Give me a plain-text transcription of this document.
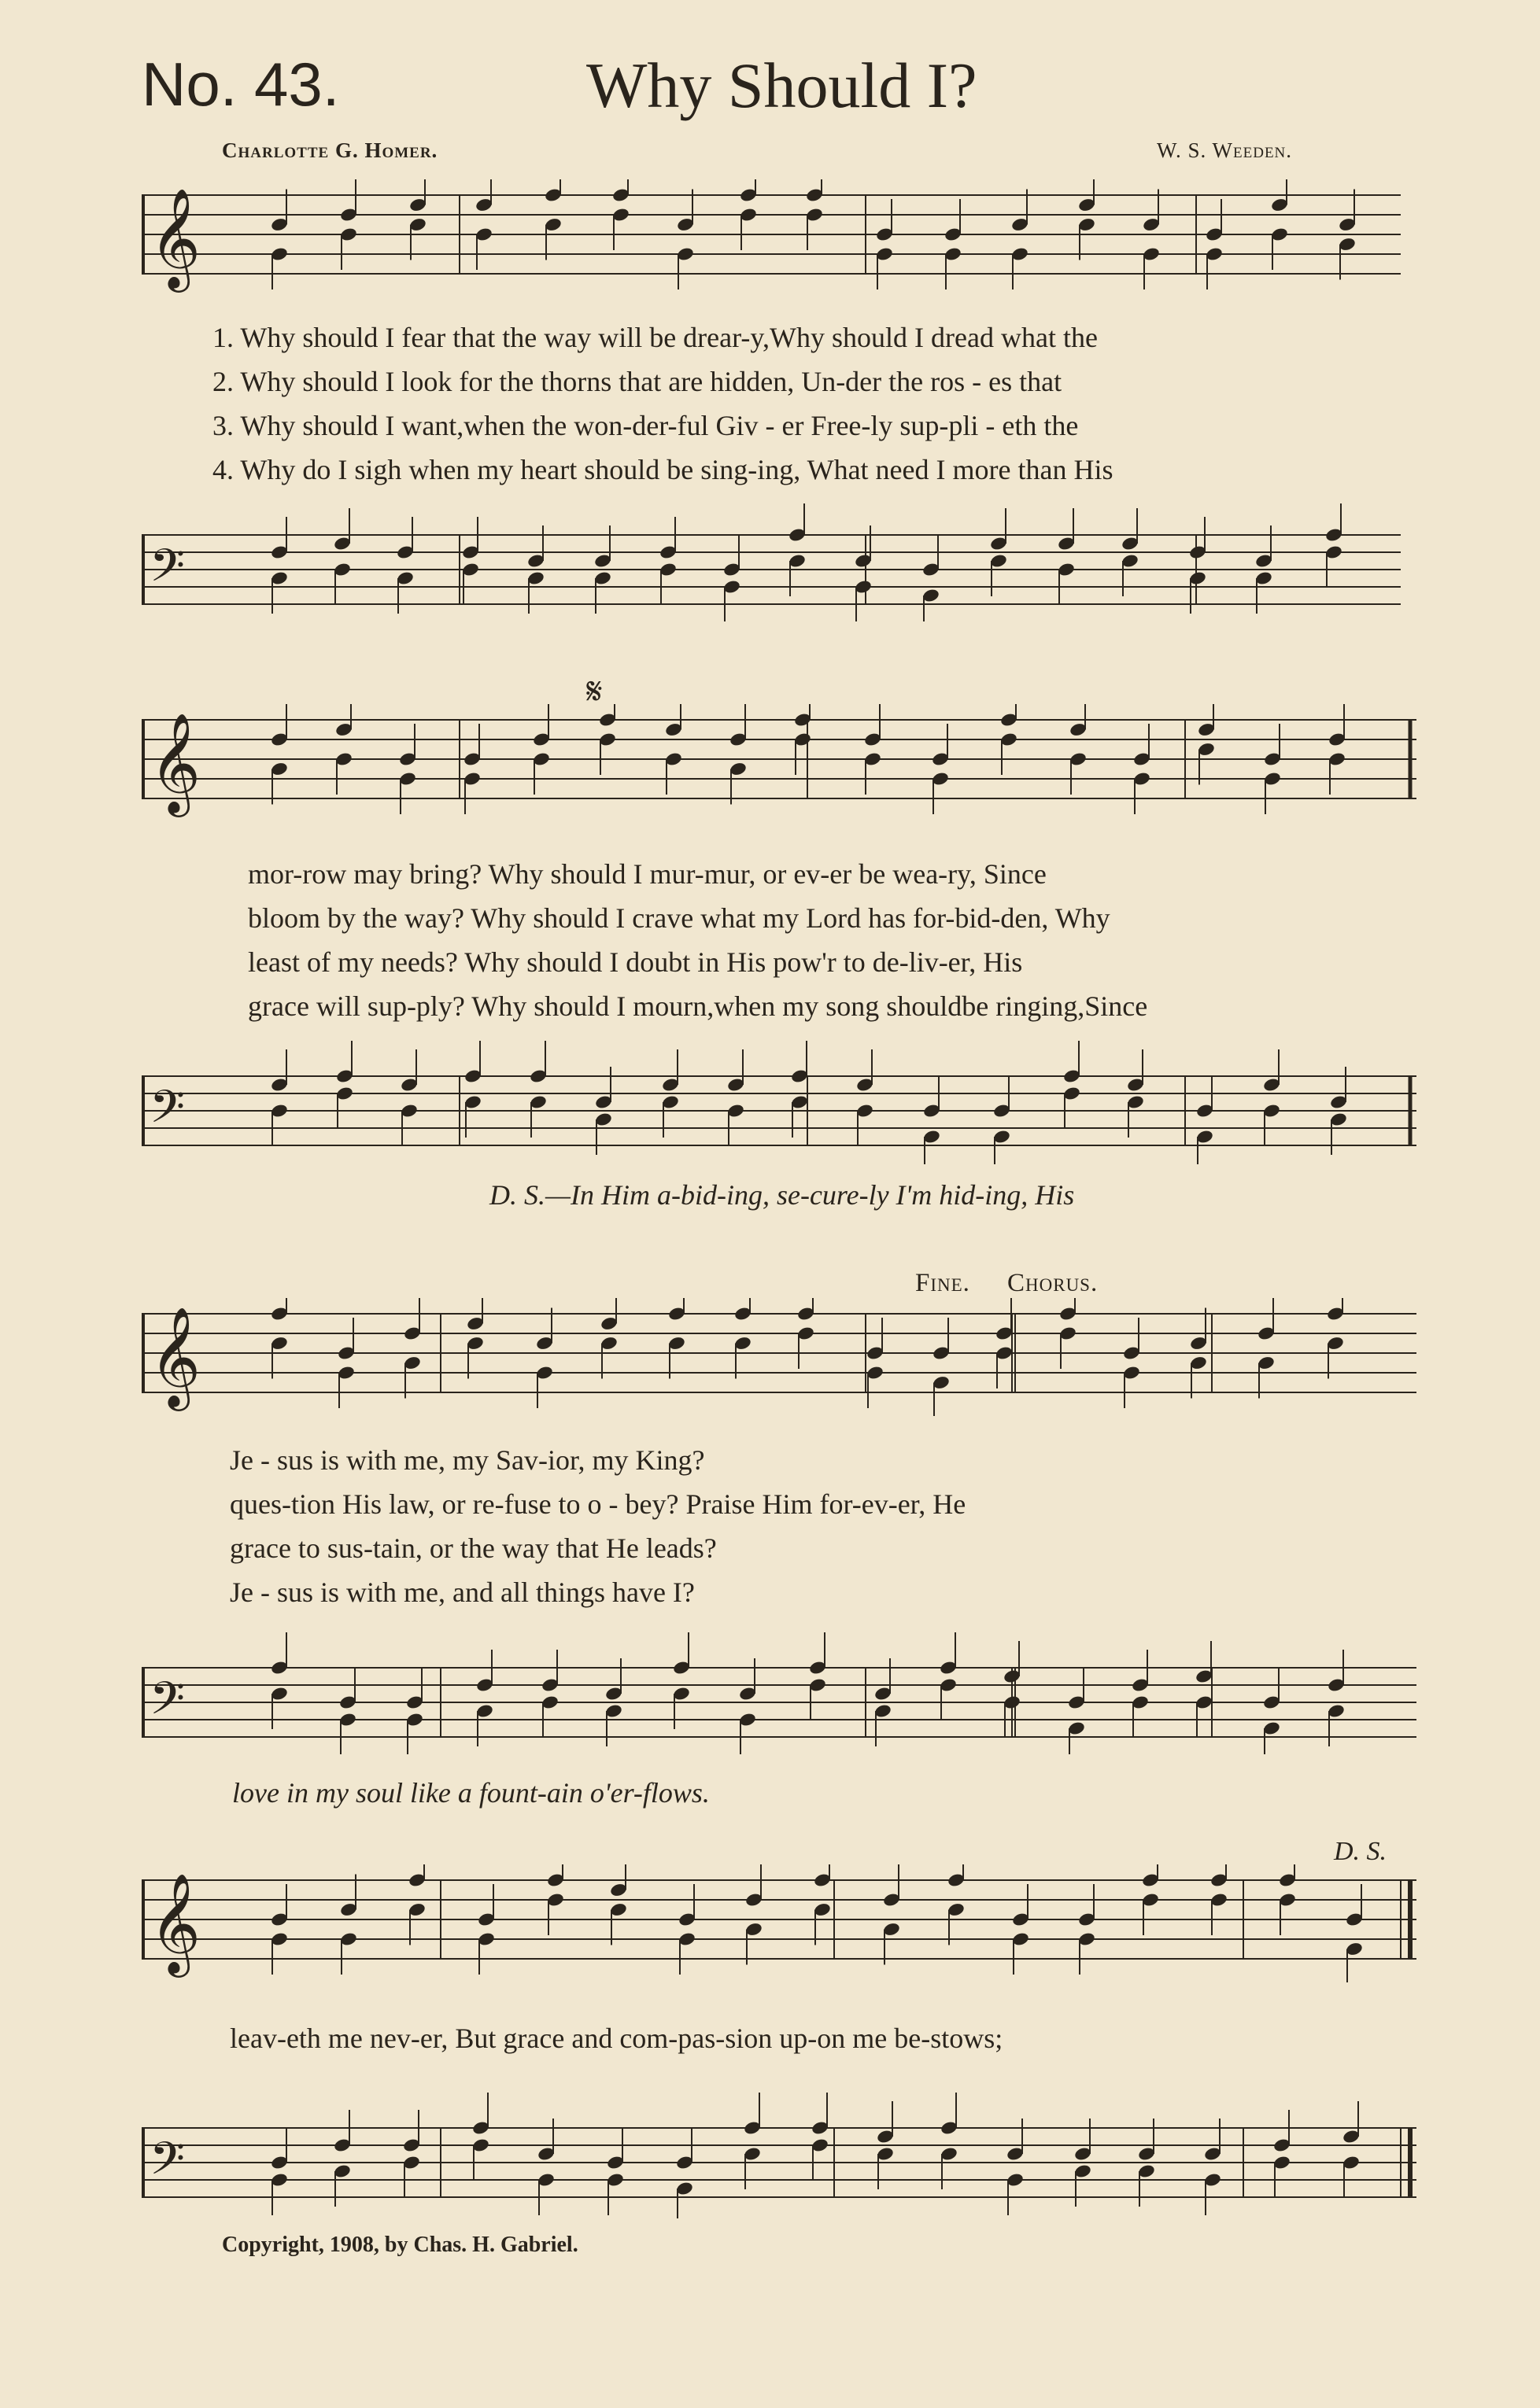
No. 43.	Why Should I?
Charlotte G. Homer.	W. S. Weeden.
𝄞
1. Why should I fear that the way will be drear-y,Why should I dread what the
2. Why should I look for the thorns that are hidden, Un-der the ros - es that
3. Why should I want,when the won-der-ful Giv - er Free-ly sup-pli - eth the
4. Why do I sigh when my heart should be sing-ing, What need I more than His
𝄢
𝄋
𝄞
mor-row may bring? Why should I mur-mur, or ev-er be wea-ry, Since
bloom by the way? Why should I crave what my Lord has for-bid-den, Why
least of my needs? Why should I doubt in His pow'r to de-liv-er, His
grace will sup-ply? Why should I mourn,when my song shouldbe ringing,Since
𝄢
D. S.—In Him a-bid-ing, se-cure-ly I'm hid-ing, His
Fine. Chorus.
𝄞
Je - sus is with me, my Sav-ior, my King?
ques-tion His law, or re-fuse to o - bey? Praise Him for-ev-er, He
grace to sus-tain, or the way that He leads?
Je - sus is with me, and all things have I?
𝄢
love in my soul like a fount-ain o'er-flows.
D. S.
𝄞
leav-eth me nev-er, But grace and com-pas-sion up-on me be-stows;
𝄢
Copyright, 1908, by Chas. H. Gabriel.
